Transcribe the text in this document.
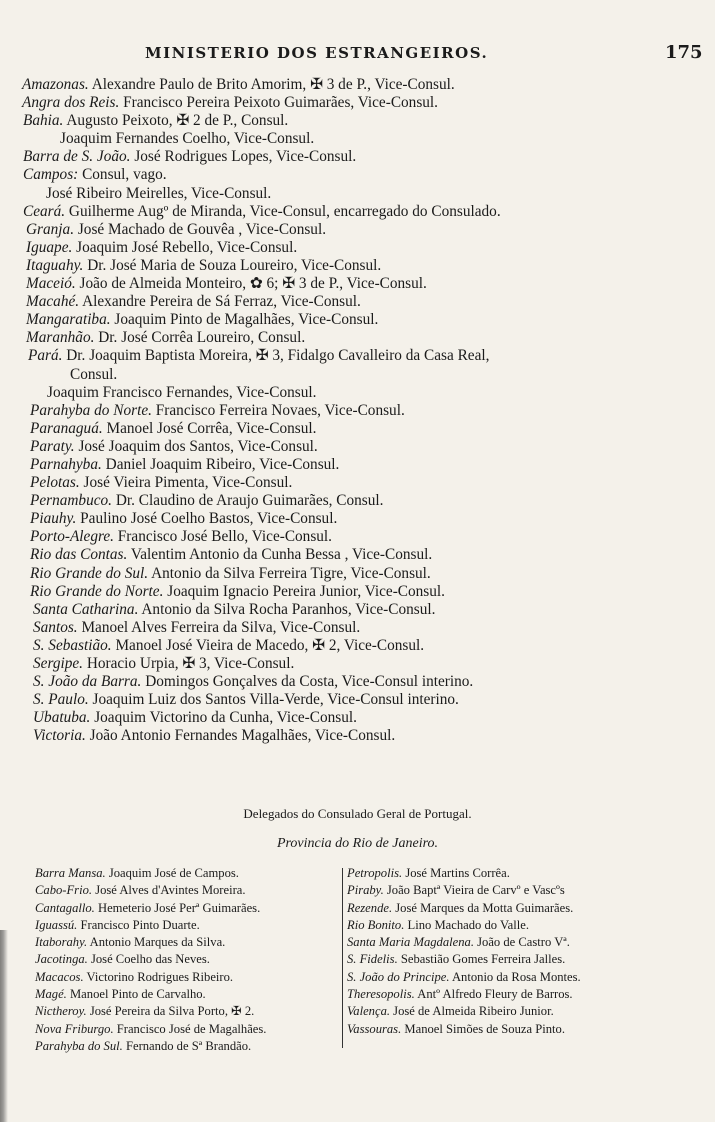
MINISTERIO DOS ESTRANGEIROS.	175
Amazonas. Alexandre Paulo de Brito Amorim, ✠ 3 de P., Vice-Consul.
Angra dos Reis. Francisco Pereira Peixoto Guimarães, Vice-Consul.
Bahia. Augusto Peixoto, ✠ 2 de P., Consul.
Joaquim Fernandes Coelho, Vice-Consul.
Barra de S. João. José Rodrigues Lopes, Vice-Consul.
Campos: Consul, vago.
José Ribeiro Meirelles, Vice-Consul.
Ceará. Guilherme Augº de Miranda, Vice-Consul, encarregado do Consulado.
Granja. José Machado de Gouvêa , Vice-Consul.
Iguape. Joaquim José Rebello, Vice-Consul.
Itaguahy. Dr. José Maria de Souza Loureiro, Vice-Consul.
Maceió. João de Almeida Monteiro, ✿ 6; ✠ 3 de P., Vice-Consul.
Macahé. Alexandre Pereira de Sá Ferraz, Vice-Consul.
Mangaratiba. Joaquim Pinto de Magalhães, Vice-Consul.
Maranhão. Dr. José Corrêa Loureiro, Consul.
Pará. Dr. Joaquim Baptista Moreira, ✠ 3, Fidalgo Cavalleiro da Casa Real,
Consul.
Joaquim Francisco Fernandes, Vice-Consul.
Parahyba do Norte. Francisco Ferreira Novaes, Vice-Consul.
Paranaguá. Manoel José Corrêa, Vice-Consul.
Paraty. José Joaquim dos Santos, Vice-Consul.
Parnahyba. Daniel Joaquim Ribeiro, Vice-Consul.
Pelotas. José Vieira Pimenta, Vice-Consul.
Pernambuco. Dr. Claudino de Araujo Guimarães, Consul.
Piauhy. Paulino José Coelho Bastos, Vice-Consul.
Porto-Alegre. Francisco José Bello, Vice-Consul.
Rio das Contas. Valentim Antonio da Cunha Bessa , Vice-Consul.
Rio Grande do Sul. Antonio da Silva Ferreira Tigre, Vice-Consul.
Rio Grande do Norte. Joaquim Ignacio Pereira Junior, Vice-Consul.
Santa Catharina. Antonio da Silva Rocha Paranhos, Vice-Consul.
Santos. Manoel Alves Ferreira da Silva, Vice-Consul.
S. Sebastião. Manoel José Vieira de Macedo, ✠ 2, Vice-Consul.
Sergipe. Horacio Urpia, ✠ 3, Vice-Consul.
S. João da Barra. Domingos Gonçalves da Costa, Vice-Consul interino.
S. Paulo. Joaquim Luiz dos Santos Villa-Verde, Vice-Consul interino.
Ubatuba. Joaquim Victorino da Cunha, Vice-Consul.
Victoria. João Antonio Fernandes Magalhães, Vice-Consul.
Delegados do Consulado Geral de Portugal.
Provincia do Rio de Janeiro.
Barra Mansa. Joaquim José de Campos.
Cabo-Frio. José Alves d'Avintes Moreira.
Cantagallo. Hemeterio José Perª Guimarães.
Iguassú. Francisco Pinto Duarte.
Itaborahy. Antonio Marques da Silva.
Jacotinga. José Coelho das Neves.
Macacos. Victorino Rodrigues Ribeiro.
Magé. Manoel Pinto de Carvalho.
Nictheroy. José Pereira da Silva Porto, ✠ 2.
Nova Friburgo. Francisco José de Magalhães.
Parahyba do Sul. Fernando de Sª Brandão.
Petropolis. José Martins Corrêa.
Piraby. João Baptª Vieira de Carvº e Vascºs
Rezende. José Marques da Motta Guimarães.
Rio Bonito. Lino Machado do Valle.
Santa Maria Magdalena. João de Castro Vª.
S. Fidelis. Sebastião Gomes Ferreira Jalles.
S. João do Principe. Antonio da Rosa Montes.
Theresopolis. Antº Alfredo Fleury de Barros.
Valença. José de Almeida Ribeiro Junior.
Vassouras. Manoel Simões de Souza Pinto.
